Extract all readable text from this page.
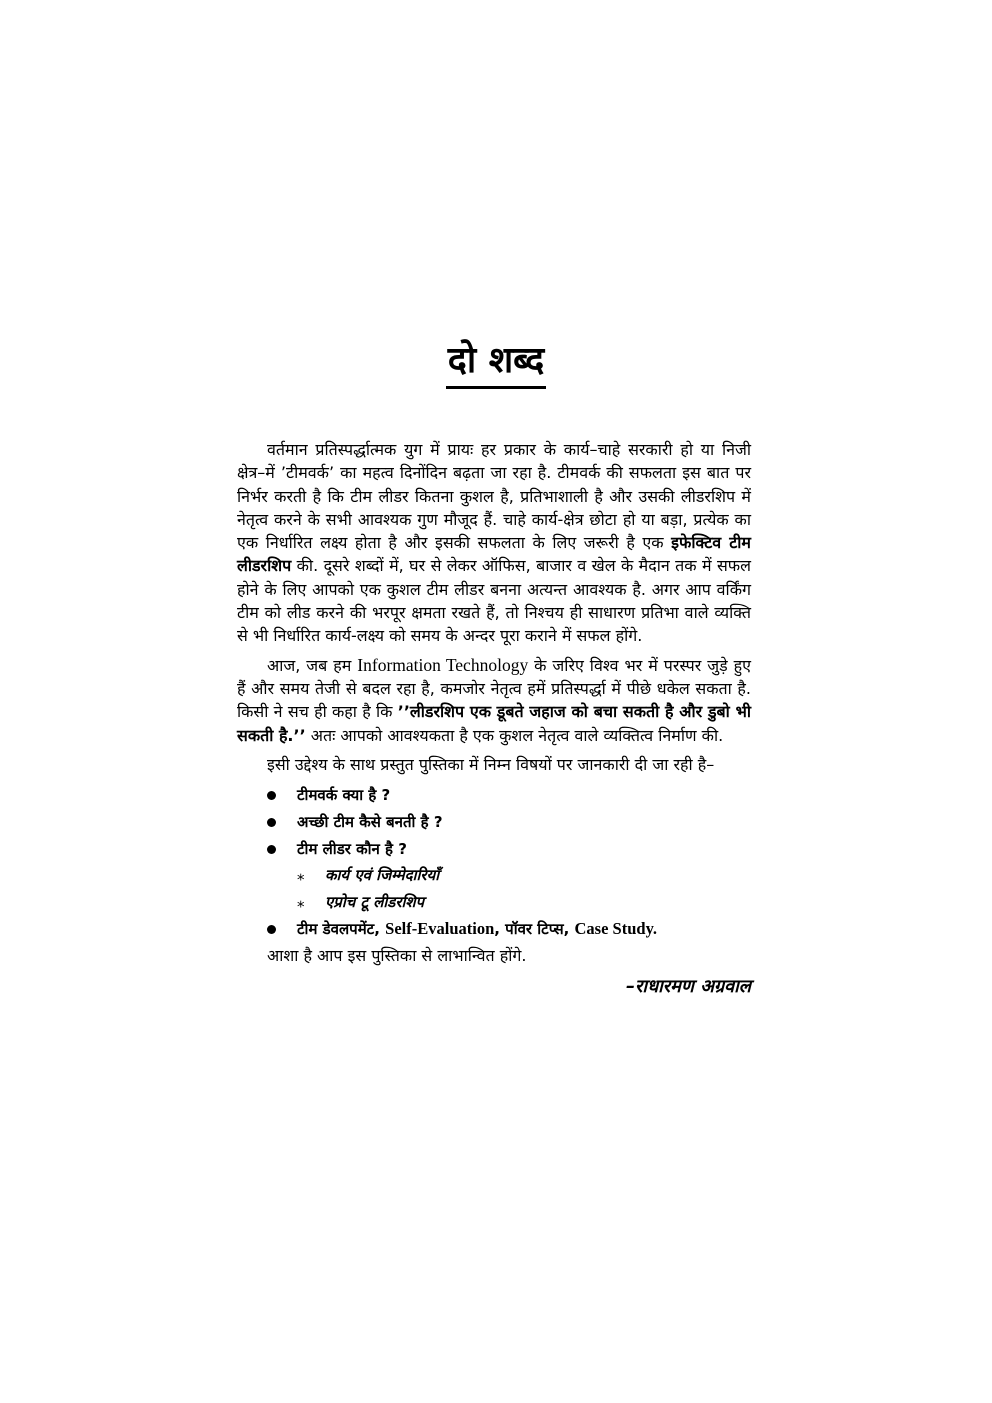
दो शब्द

वर्तमान प्रतिस्पर्द्धात्मक युग में प्रायः हर प्रकार के कार्य–चाहे सरकारी हो या निजी क्षेत्र–में ’टीमवर्क’ का महत्व दिनोंदिन बढ़ता जा रहा है. टीमवर्क की सफलता इस बात पर निर्भर करती है कि टीम लीडर कितना कुशल है, प्रतिभाशाली है और उसकी लीडरशिप में नेतृत्व करने के सभी आवश्यक गुण मौजूद हैं. चाहे कार्य-क्षेत्र छोटा हो या बड़ा, प्रत्येक का एक निर्धारित लक्ष्य होता है और इसकी सफलता के लिए जरूरी है एक इफेक्टिव टीम लीडरशिप की. दूसरे शब्दों में, घर से लेकर ऑफिस, बाजार व खेल के मैदान तक में सफल होने के लिए आपको एक कुशल टीम लीडर बनना अत्यन्त आवश्यक है. अगर आप वर्किंग टीम को लीड करने की भरपूर क्षमता रखते हैं, तो निश्चय ही साधारण प्रतिभा वाले व्यक्ति से भी निर्धारित कार्य-लक्ष्य को समय के अन्दर पूरा कराने में सफल होंगे.

आज, जब हम Information Technology के जरिए विश्व भर में परस्पर जुड़े हुए हैं और समय तेजी से बदल रहा है, कमजोर नेतृत्व हमें प्रतिस्पर्द्धा में पीछे धकेल सकता है. किसी ने सच ही कहा है कि ’’लीडरशिप एक डूबते जहाज को बचा सकती है और डुबो भी सकती है.’’ अतः आपको आवश्यकता है एक कुशल नेतृत्व वाले व्यक्तित्व निर्माण की.

इसी उद्देश्य के साथ प्रस्तुत पुस्तिका में निम्न विषयों पर जानकारी दी जा रही है–

टीमवर्क क्या है ?
अच्छी टीम कैसे बनती है ?
टीम लीडर कौन है ?
⁎ कार्य एवं जिम्मेदारियाँ
⁎ एप्रोच टू लीडरशिप
टीम डेवलपमेंट, Self-Evaluation, पॉवर टिप्स, Case Study.
आशा है आप इस पुस्तिका से लाभान्वित होंगे.
–राधारमण अग्रवाल
